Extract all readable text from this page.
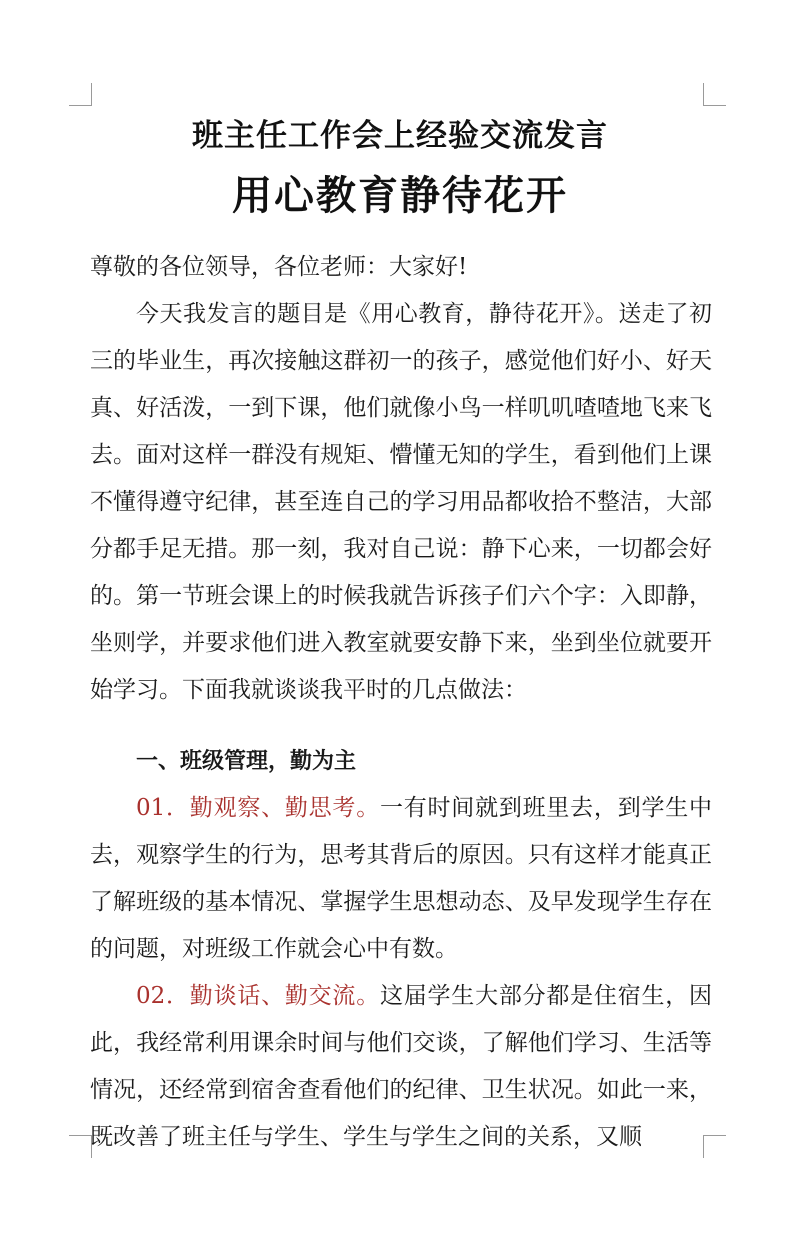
班主任工作会上经验交流发言
用心教育静待花开

尊敬的各位领导，各位老师：大家好!

今天我发言的题目是《用心教育，静待花开》。送走了初三的毕业生，再次接触这群初一的孩子，感觉他们好小、好天真、好活泼，一到下课，他们就像小鸟一样叽叽喳喳地飞来飞去。面对这样一群没有规矩、懵懂无知的学生，看到他们上课不懂得遵守纪律，甚至连自己的学习用品都收拾不整洁，大部分都手足无措。那一刻，我对自己说：静下心来，一切都会好的。第一节班会课上的时候我就告诉孩子们六个字：入即静，坐则学，并要求他们进入教室就要安静下来，坐到坐位就要开始学习。下面我就谈谈我平时的几点做法：

一、班级管理，勤为主

01．勤观察、勤思考。一有时间就到班里去，到学生中去，观察学生的行为，思考其背后的原因。只有这样才能真正了解班级的基本情况、掌握学生思想动态、及早发现学生存在的问题，对班级工作就会心中有数。

02．勤谈话、勤交流。这届学生大部分都是住宿生，因此，我经常利用课余时间与他们交谈，了解他们学习、生活等情况，还经常到宿舍查看他们的纪律、卫生状况。如此一来，既改善了班主任与学生、学生与学生之间的关系，又顺
